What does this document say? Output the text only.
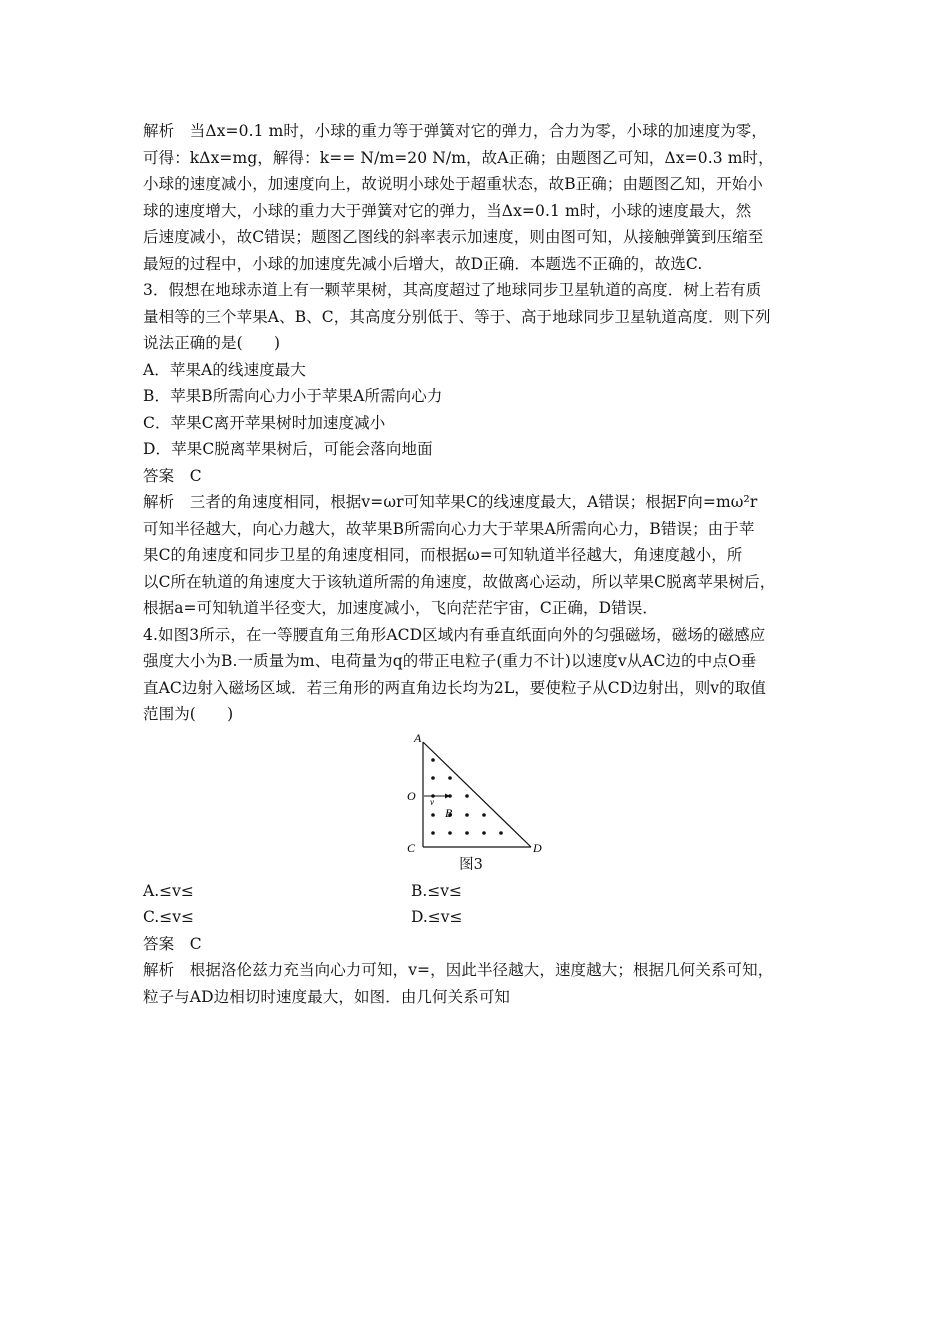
解析　当Δx=0.1 m时，小球的重力等于弹簧对它的弹力，合力为零，小球的加速度为零，

可得：kΔx=mg，解得：k== N/m=20 N/m，故A正确；由题图乙可知，Δx=0.3 m时，

小球的速度减小，加速度向上，故说明小球处于超重状态，故B正确；由题图乙知，开始小

球的速度增大，小球的重力大于弹簧对它的弹力，当Δx=0.1 m时，小球的速度最大，然

后速度减小，故C错误；题图乙图线的斜率表示加速度，则由图可知，从接触弹簧到压缩至

最短的过程中，小球的加速度先减小后增大，故D正确．本题选不正确的，故选C.

3．假想在地球赤道上有一颗苹果树，其高度超过了地球同步卫星轨道的高度．树上若有质

量相等的三个苹果A、B、C，其高度分别低于、等于、高于地球同步卫星轨道高度．则下列

说法正确的是(　　)

A．苹果A的线速度最大

B．苹果B所需向心力小于苹果A所需向心力

C．苹果C离开苹果树时加速度减小

D．苹果C脱离苹果树后，可能会落向地面

答案　C

解析　三者的角速度相同，根据v=ωr可知苹果C的线速度最大，A错误；根据F向=mω²r

可知半径越大，向心力越大，故苹果B所需向心力大于苹果A所需向心力，B错误；由于苹

果C的角速度和同步卫星的角速度相同，而根据ω=可知轨道半径越大，角速度越小，所

以C所在轨道的角速度大于该轨道所需的角速度，故做离心运动，所以苹果C脱离苹果树后，

根据a=可知轨道半径变大，加速度减小，飞向茫茫宇宙，C正确，D错误．

4.如图3所示，在一等腰直角三角形ACD区域内有垂直纸面向外的匀强磁场，磁场的磁感应

强度大小为B.一质量为m、电荷量为q的带正电粒子(重力不计)以速度v从AC边的中点O垂

直AC边射入磁场区域．若三角形的两直角边长均为2L，要使粒子从CD边射出，则v的取值

范围为(　　)

A
O
C	D
B
v
图3
A.≤v≤	B.≤v≤
C.≤v≤	D.≤v≤

答案　C

解析　根据洛伦兹力充当向心力可知，v=，因此半径越大，速度越大；根据几何关系可知，

粒子与AD边相切时速度最大，如图．由几何关系可知
